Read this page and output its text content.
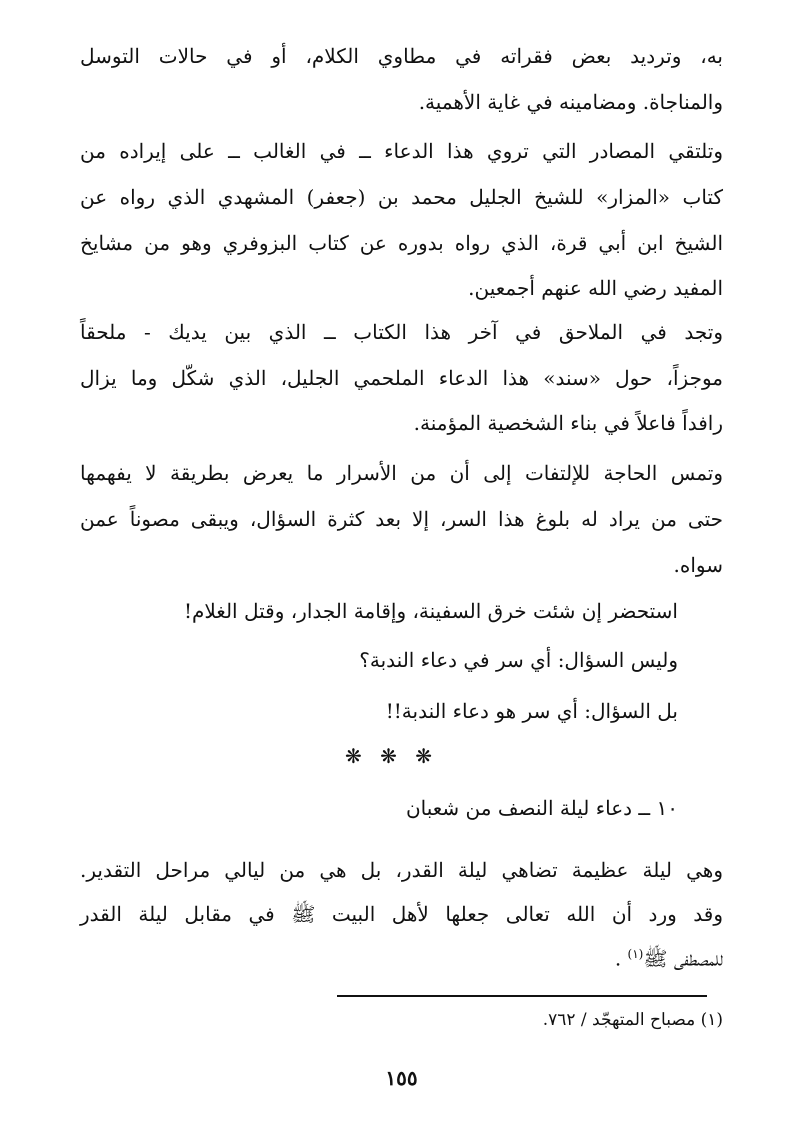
به، وترديد بعض فقراته في مطاوي الكلام، أو في حالات التوسل
والمناجاة. ومضامينه في غاية الأهمية.
وتلتقي المصادر التي تروي هذا الدعاء ــ في الغالب ــ على إيراده من
كتاب «المزار» للشيخ الجليل محمد بن (جعفر) المشهدي الذي رواه عن
الشيخ ابن أبي قرة، الذي رواه بدوره عن كتاب البزوفري وهو من مشايخ
المفيد رضي الله عنهم أجمعين.
وتجد في الملاحق في آخر هذا الكتاب ــ الذي بين يديك - ملحقاً
موجزاً، حول «سند» هذا الدعاء الملحمي الجليل، الذي شكّل وما يزال
رافداً فاعلاً في بناء الشخصية المؤمنة.
وتمس الحاجة للإلتفات إلى أن من الأسرار ما يعرض بطريقة لا يفهمها
حتى من يراد له بلوغ هذا السر، إلا بعد كثرة السؤال، ويبقى مصوناً عمن
سواه.
استحضر إن شئت خرق السفينة، وإقامة الجدار، وقتل الغلام!
وليس السؤال: أي سر في دعاء الندبة؟
بل السؤال: أي سر هو دعاء الندبة!!
❋ ❋ ❋
١٠ ــ دعاء ليلة النصف من شعبان
وهي ليلة عظيمة تضاهي ليلة القدر، بل هي من ليالي مراحل التقدير.
وقد ورد أن الله تعالى جعلها لأهل البيت ﷺ في مقابل ليلة القدر
للمصطفى ﷺ$^{(١)}$ .
(١) مصباح المتهجّد / ٧٦٢.
١٥٥
